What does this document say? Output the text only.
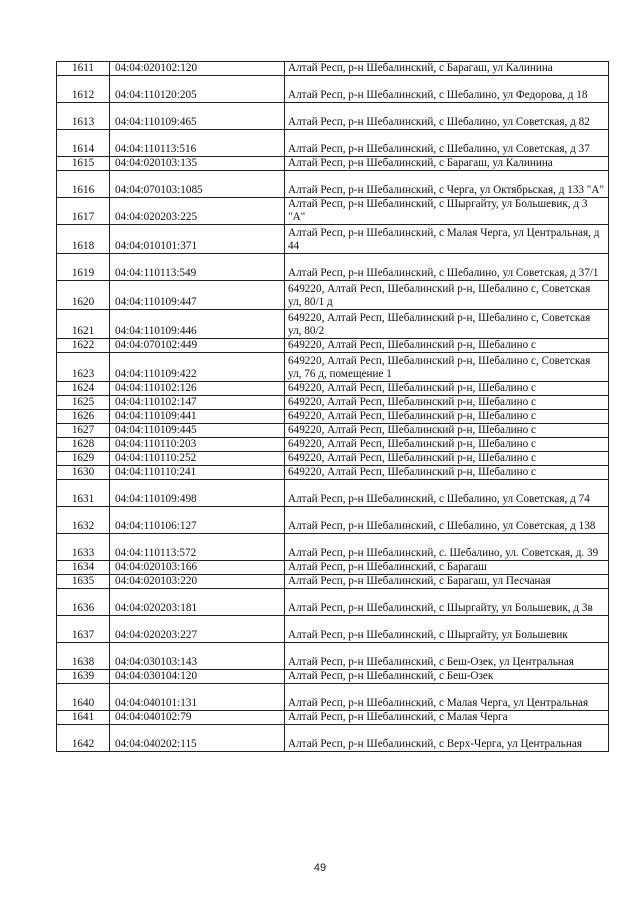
1611	04:04:020102:120	Алтай Респ, р-н Шебалинский, с Барагаш, ул Калинина
1612	04:04:110120:205	Алтай Респ, р-н Шебалинский, с Шебалино, ул Федорова, д 18
1613	04:04:110109:465	Алтай Респ, р-н Шебалинский, с Шебалино, ул Советская, д 82
1614	04:04:110113:516	Алтай Респ, р-н Шебалинский, с Шебалино, ул Советская, д 37
1615	04:04:020103:135	Алтай Респ, р-н Шебалинский, с Барагаш, ул Калинина
1616	04:04:070103:1085	Алтай Респ, р-н Шебалинский, с Черга, ул Октябрьская, д 133 "А"
1617	04:04:020203:225	Алтай Респ, р-н Шебалинский, с Шыргайту, ул Большевик, д 3 "А"
1618	04:04:010101:371	Алтай Респ, р-н Шебалинский, с Малая Черга, ул Центральная, д 44
1619	04:04:110113:549	Алтай Респ, р-н Шебалинский, с Шебалино, ул Советская, д 37/1
1620	04:04:110109:447	649220, Алтай Респ, Шебалинский р-н, Шебалино с, Советская ул, 80/1 д
1621	04:04:110109:446	649220, Алтай Респ, Шебалинский р-н, Шебалино с, Советская ул, 80/2
1622	04:04:070102:449	649220, Алтай Респ, Шебалинский р-н, Шебалино с
1623	04:04:110109:422	649220, Алтай Респ, Шебалинский р-н, Шебалино с, Советская ул, 76 д, помещение 1
1624	04:04:110102:126	649220, Алтай Респ, Шебалинский р-н, Шебалино с
1625	04:04:110102:147	649220, Алтай Респ, Шебалинский р-н, Шебалино с
1626	04:04:110109:441	649220, Алтай Респ, Шебалинский р-н, Шебалино с
1627	04:04:110109:445	649220, Алтай Респ, Шебалинский р-н, Шебалино с
1628	04:04:110110:203	649220, Алтай Респ, Шебалинский р-н, Шебалино с
1629	04:04:110110:252	649220, Алтай Респ, Шебалинский р-н, Шебалино с
1630	04:04:110110:241	649220, Алтай Респ, Шебалинский р-н, Шебалино с
1631	04:04:110109:498	Алтай Респ, р-н Шебалинский, с Шебалино, ул Советская, д 74
1632	04:04:110106:127	Алтай Респ, р-н Шебалинский, с Шебалино, ул Советская, д 138
1633	04:04:110113:572	Алтай Респ, р-н Шебалинский, с. Шебалино, ул. Советская, д. 39
1634	04:04:020103:166	Алтай Респ, р-н Шебалинский, с Барагаш
1635	04:04:020103:220	Алтай Респ, р-н Шебалинский, с Барагаш, ул Песчаная
1636	04:04:020203:181	Алтай Респ, р-н Шебалинский, с Шыргайту, ул Большевик, д 3в
1637	04:04:020203:227	Алтай Респ, р-н Шебалинский, с Шыргайту, ул Большевик
1638	04:04:030103:143	Алтай Респ, р-н Шебалинский, с Беш-Озек, ул Центральная
1639	04:04:030104:120	Алтай Респ, р-н Шебалинский, с Беш-Озек
1640	04:04:040101:131	Алтай Респ, р-н Шебалинский, с Малая Черга, ул Центральная
1641	04:04:040102:79	Алтай Респ, р-н Шебалинский, с Малая Черга
1642	04:04:040202:115	Алтай Респ, р-н Шебалинский, с Верх-Черга, ул Центральная
49
